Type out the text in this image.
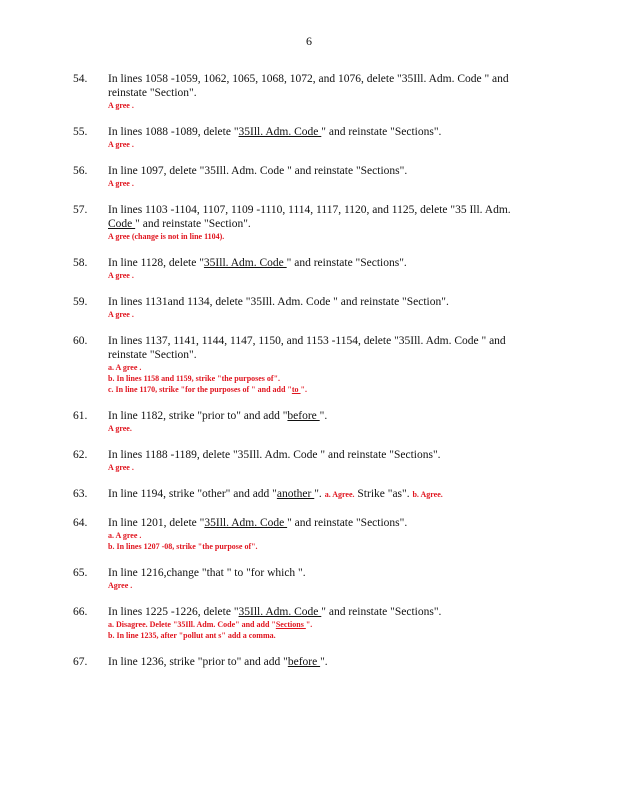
6
54. In lines 1058 -1059, 1062, 1065, 1068, 1072, and 1076, delete "35Ill. Adm. Code " and
reinstate "Section".
A gree .
55. In lines 1088 -1089, delete "35Ill. Adm. Code " and reinstate "Sections".
A gree .
56. In line 1097, delete "35Ill. Adm. Code " and reinstate "Sections".
A gree .
57. In lines 1103 -1104, 1107, 1109 -1110, 1114, 1117, 1120, and 1125, delete "35 Ill. Adm.
Code " and reinstate "Section".
A gree (change is not in line 1104).
58. In line 1128, delete "35Ill. Adm. Code " and reinstate "Sections".
A gree .
59. In lines 1131and 1134, delete "35Ill. Adm. Code " and reinstate "Section".
A gree .
60. In lines 1137, 1141, 1144, 1147, 1150, and 1153 -1154, delete "35Ill. Adm. Code " and
reinstate "Section".
a. A gree .
b. In lines 1158 and 1159, strike "the purposes of".
c. In line 1170, strike "for the purposes of " and add "to ".
61. In line 1182, strike "prior to" and add "before ".
A gree.
62. In lines 1188 -1189, delete "35Ill. Adm. Code " and reinstate "Sections".
A gree .
63. In line 1194, strike "other" and add "another ". a. Agree. Strike "as". b. Agree.
64. In line 1201, delete "35Ill. Adm. Code " and reinstate "Sections".
a. A gree .
b. In lines 1207 -08, strike "the purpose of".
65. In line 1216,change "that " to "for which ".
Agree .
66. In lines 1225 -1226, delete "35Ill. Adm. Code " and reinstate "Sections".
a. Disagree. Delete "35Ill. Adm. Code" and add "Sections ".
b. In line 1235, after "pollut ant s" add a comma.
67. In line 1236, strike "prior to" and add "before ".
